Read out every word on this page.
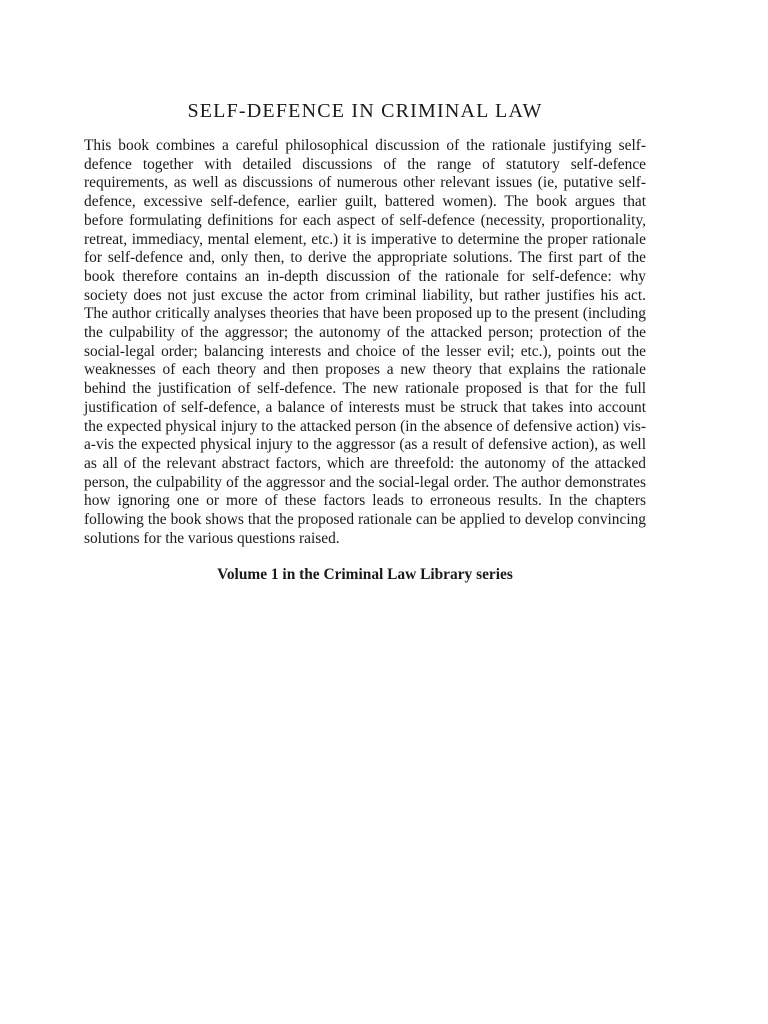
SELF-DEFENCE IN CRIMINAL LAW

This book combines a careful philosophical discussion of the rationale justifying self-defence together with detailed discussions of the range of statutory self-defence requirements, as well as discussions of numerous other relevant issues (ie, putative self-defence, excessive self-defence, earlier guilt, battered women). The book argues that before formulating definitions for each aspect of self-defence (necessity, proportionality, retreat, immediacy, mental element, etc.) it is imperative to determine the proper rationale for self-defence and, only then, to derive the appropriate solutions. The first part of the book therefore contains an in-depth discussion of the rationale for self-defence: why society does not just excuse the actor from criminal liability, but rather justifies his act. The author critically analyses theories that have been proposed up to the present (including the culpability of the aggressor; the autonomy of the attacked person; protection of the social-legal order; balancing interests and choice of the lesser evil; etc.), points out the weaknesses of each theory and then proposes a new theory that explains the rationale behind the justification of self-defence. The new rationale proposed is that for the full justification of self-defence, a balance of interests must be struck that takes into account the expected physical injury to the attacked person (in the absence of defensive action) vis-a-vis the expected physical injury to the aggressor (as a result of defensive action), as well as all of the relevant abstract factors, which are threefold: the autonomy of the attacked person, the culpability of the aggressor and the social-legal order. The author demonstrates how ignoring one or more of these factors leads to erroneous results. In the chapters following the book shows that the proposed rationale can be applied to develop convincing solutions for the various questions raised.

Volume 1 in the Criminal Law Library series
